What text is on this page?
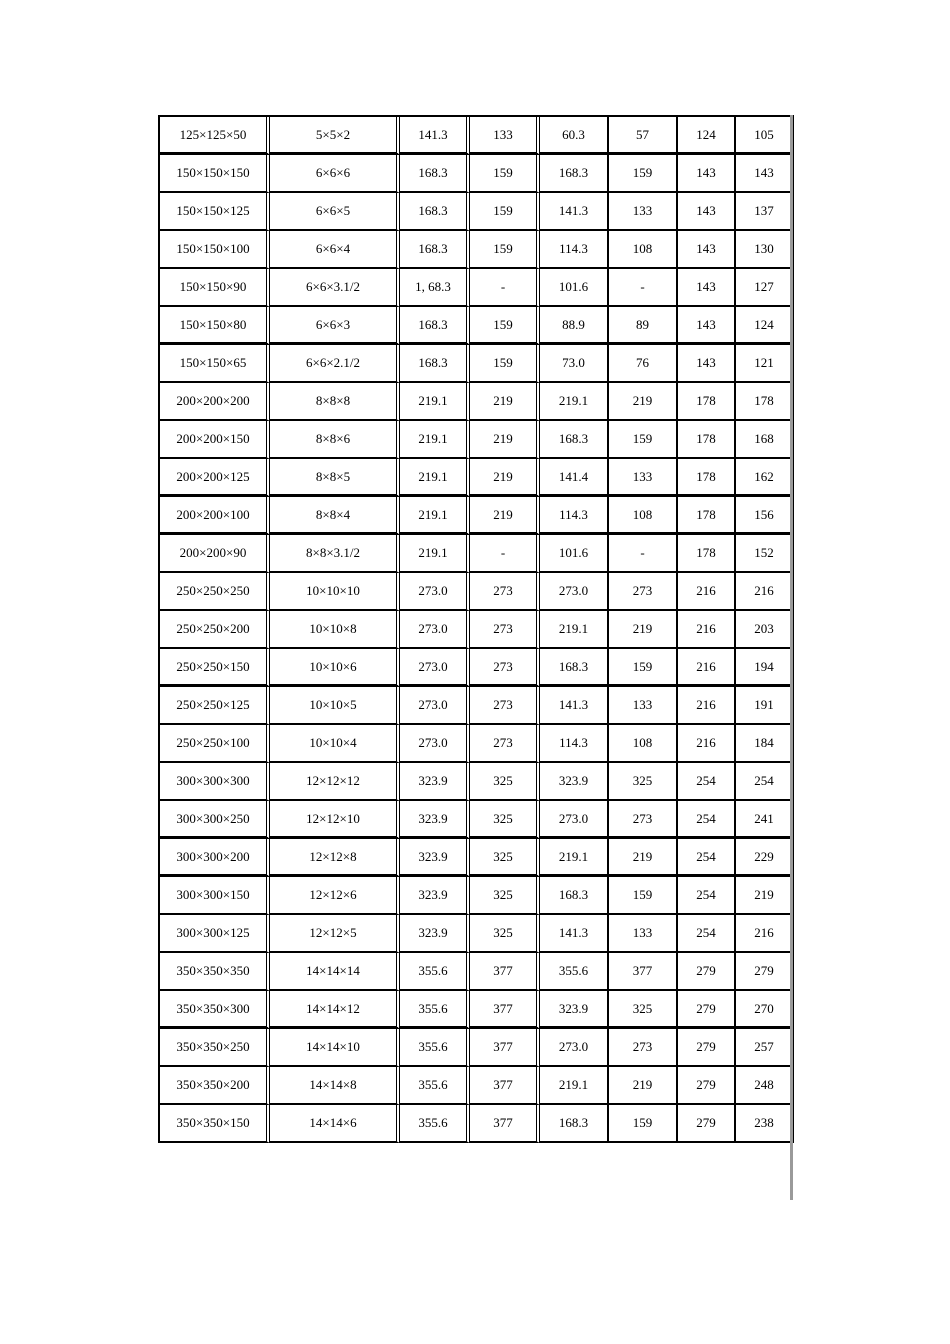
125×125×50	5×5×2	141.3	133	60.3	57	124	105
150×150×150	6×6×6	168.3	159	168.3	159	143	143
150×150×125	6×6×5	168.3	159	141.3	133	143	137
150×150×100	6×6×4	168.3	159	114.3	108	143	130
150×150×90	6×6×3.1/2	1, 68.3	-	101.6	-	143	127
150×150×80	6×6×3	168.3	159	88.9	89	143	124
150×150×65	6×6×2.1/2	168.3	159	73.0	76	143	121
200×200×200	8×8×8	219.1	219	219.1	219	178	178
200×200×150	8×8×6	219.1	219	168.3	159	178	168
200×200×125	8×8×5	219.1	219	141.4	133	178	162
200×200×100	8×8×4	219.1	219	114.3	108	178	156
200×200×90	8×8×3.1/2	219.1	-	101.6	-	178	152
250×250×250	10×10×10	273.0	273	273.0	273	216	216
250×250×200	10×10×8	273.0	273	219.1	219	216	203
250×250×150	10×10×6	273.0	273	168.3	159	216	194
250×250×125	10×10×5	273.0	273	141.3	133	216	191
250×250×100	10×10×4	273.0	273	114.3	108	216	184
300×300×300	12×12×12	323.9	325	323.9	325	254	254
300×300×250	12×12×10	323.9	325	273.0	273	254	241
300×300×200	12×12×8	323.9	325	219.1	219	254	229
300×300×150	12×12×6	323.9	325	168.3	159	254	219
300×300×125	12×12×5	323.9	325	141.3	133	254	216
350×350×350	14×14×14	355.6	377	355.6	377	279	279
350×350×300	14×14×12	355.6	377	323.9	325	279	270
350×350×250	14×14×10	355.6	377	273.0	273	279	257
350×350×200	14×14×8	355.6	377	219.1	219	279	248
350×350×150	14×14×6	355.6	377	168.3	159	279	238
